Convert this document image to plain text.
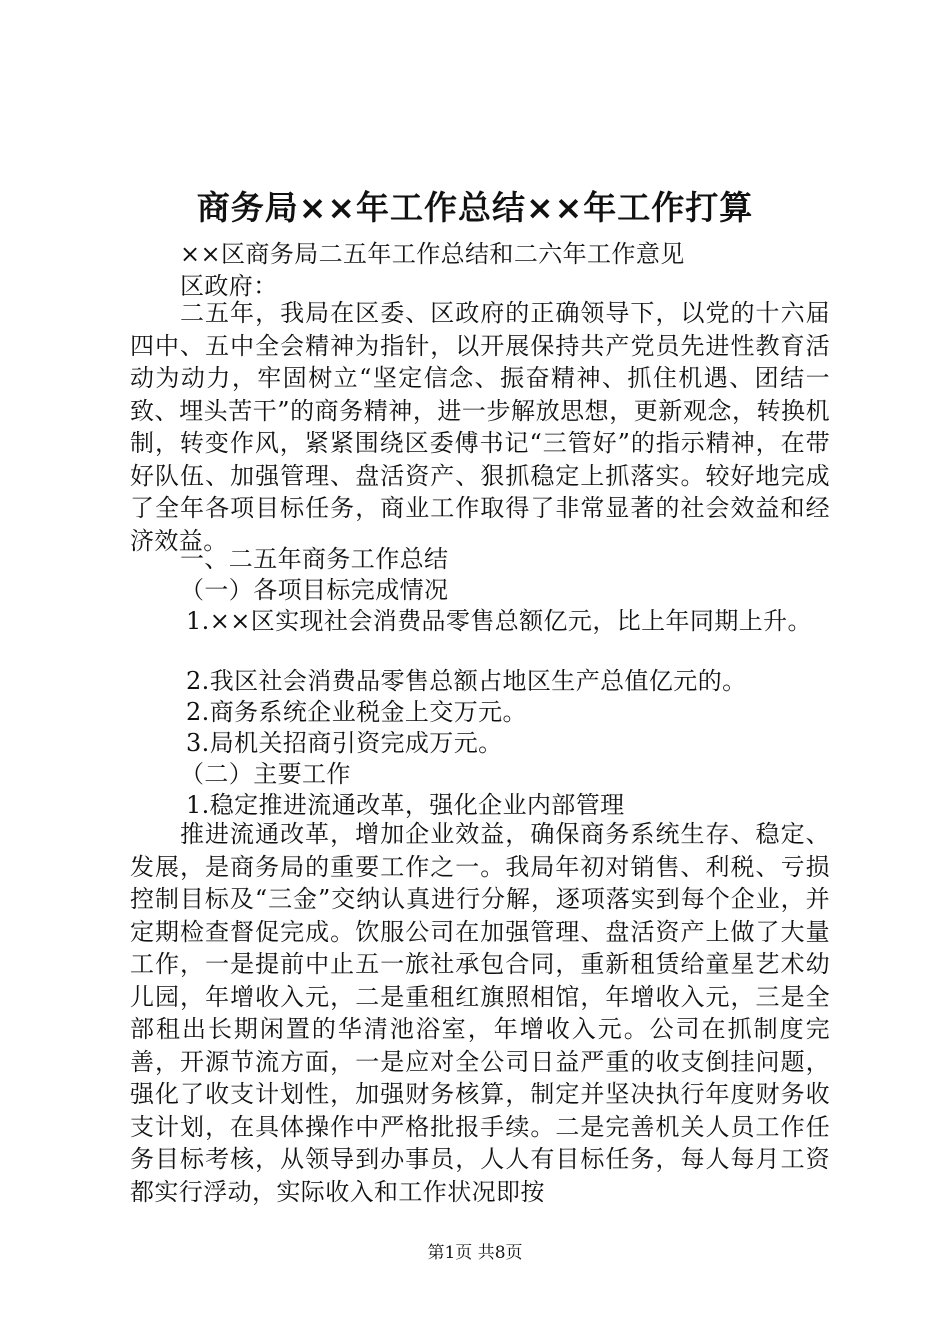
商务局××年工作总结××年工作打算
××区商务局二五年工作总结和二六年工作意见
区政府：
二五年，我局在区委、区政府的正确领导下，以党的十六届四中、五中全会精神为指针，以开展保持共产党员先进性教育活动为动力，牢固树立“坚定信念、振奋精神、抓住机遇、团结一致、埋头苦干”的商务精神，进一步解放思想，更新观念，转换机制，转变作风，紧紧围绕区委傅书记“三管好”的指示精神，在带好队伍、加强管理、盘活资产、狠抓稳定上抓落实。较好地完成了全年各项目标任务，商业工作取得了非常显著的社会效益和经济效益。
一、二五年商务工作总结
（一）各项目标完成情况
1.××区实现社会消费品零售总额亿元，比上年同期上升。
2.我区社会消费品零售总额占地区生产总值亿元的。
2.商务系统企业税金上交万元。
3.局机关招商引资完成万元。
（二）主要工作
1.稳定推进流通改革，强化企业内部管理
推进流通改革，增加企业效益，确保商务系统生存、稳定、发展，是商务局的重要工作之一。我局年初对销售、利税、亏损控制目标及“三金”交纳认真进行分解，逐项落实到每个企业，并定期检查督促完成。饮服公司在加强管理、盘活资产上做了大量工作，一是提前中止五一旅社承包合同，重新租赁给童星艺术幼儿园，年增收入元，二是重租红旗照相馆，年增收入元，三是全部租出长期闲置的华清池浴室，年增收入元。公司在抓制度完善，开源节流方面，一是应对全公司日益严重的收支倒挂问题，强化了收支计划性，加强财务核算，制定并坚决执行年度财务收支计划，在具体操作中严格批报手续。二是完善机关人员工作任务目标考核，从领导到办事员，人人有目标任务，每人每月工资都实行浮动，实际收入和工作状况即按
第1页 共8页
